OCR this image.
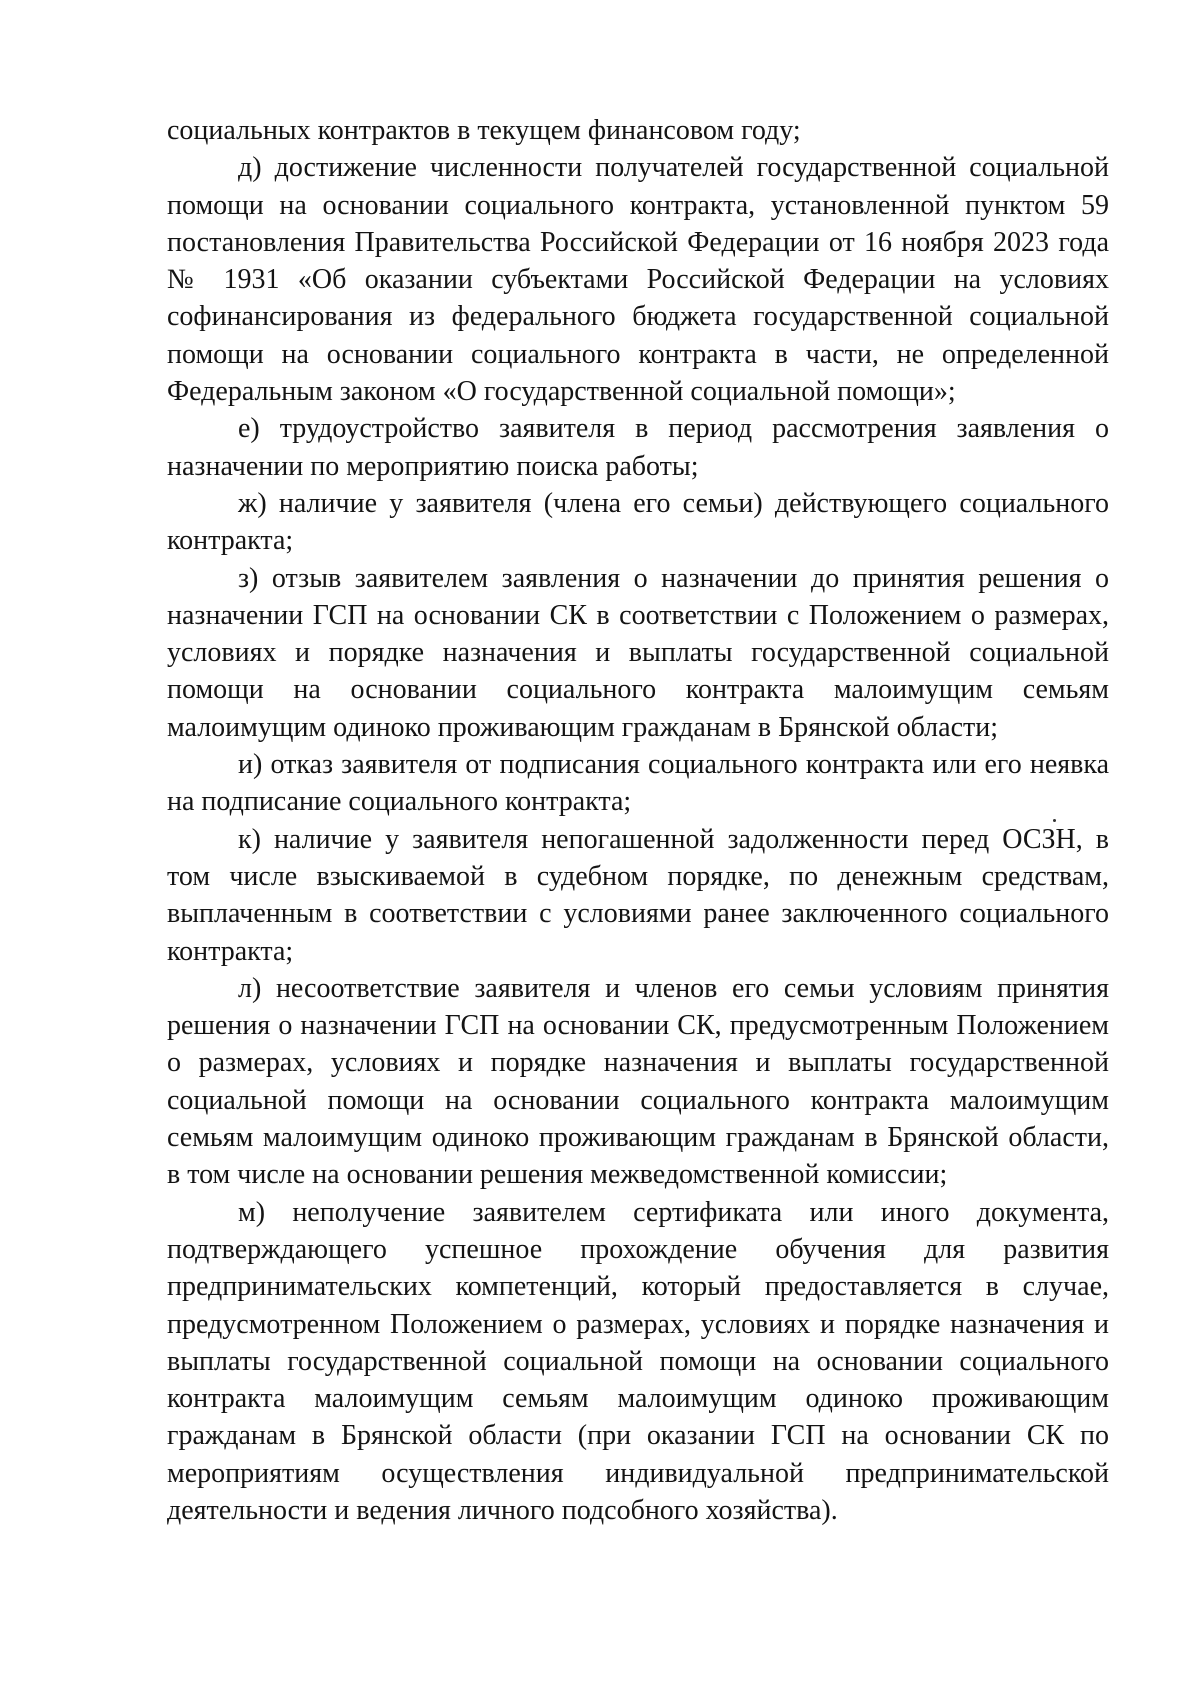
социальных контрактов в текущем финансовом году;

д) достижение численности получателей государственной социальной помощи на основании социального контракта, установленной пунктом 59 постановления Правительства Российской Федерации от 16 ноября 2023 года № 1931 «Об оказании субъектами Российской Федерации на условиях софинансирования из федерального бюджета государственной социальной помощи на основании социального контракта в части, не определенной Федеральным законом «О государственной социальной помощи»;

е) трудоустройство заявителя в период рассмотрения заявления о назначении по мероприятию поиска работы;

ж) наличие у заявителя (члена его семьи) действующего социального контракта;

з) отзыв заявителем заявления о назначении до принятия решения о назначении ГСП на основании СК в соответствии с Положением о размерах, условиях и порядке назначения и выплаты государственной социальной помощи на основании социального контракта малоимущим семьям малоимущим одиноко проживающим гражданам в Брянской области;

и) отказ заявителя от подписания социального контракта или его неявка на подписание социального контракта;

к) наличие у заявителя непогашенной задолженности перед ОСЗН, в том числе взыскиваемой в судебном порядке, по денежным средствам, выплаченным в соответствии с условиями ранее заключенного социального контракта;

л) несоответствие заявителя и членов его семьи условиям принятия решения о назначении ГСП на основании СК, предусмотренным Положением о размерах, условиях и порядке назначения и выплаты государственной социальной помощи на основании социального контракта малоимущим семьям малоимущим одиноко проживающим гражданам в Брянской области, в том числе на основании решения межведомственной комиссии;

м) неполучение заявителем сертификата или иного документа, подтверждающего успешное прохождение обучения для развития предпринимательских компетенций, который предоставляется в случае, предусмотренном Положением о размерах, условиях и порядке назначения и выплаты государственной социальной помощи на основании социального контракта малоимущим семьям малоимущим одиноко проживающим гражданам в Брянской области (при оказании ГСП на основании СК по мероприятиям осуществления индивидуальной предпринимательской деятельности и ведения личного подсобного хозяйства).
